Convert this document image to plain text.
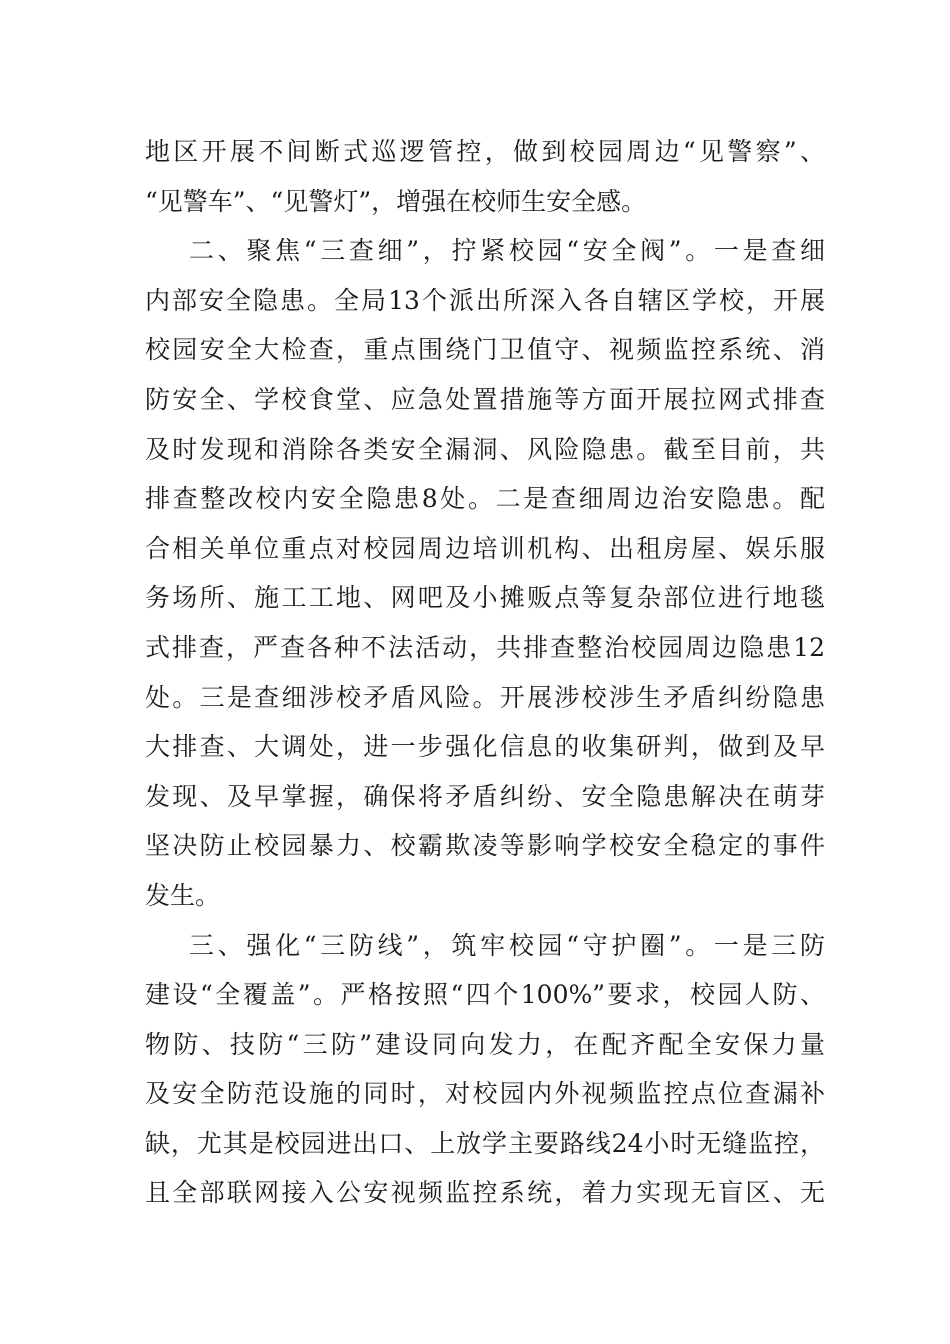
地区开展不间断式巡逻管控，做到校园周边“见警察”、
“见警车”、“见警灯”，增强在校师生安全感。
二、聚焦“三查细”，拧紧校园“安全阀”。一是查细
内部安全隐患。全局13个派出所深入各自辖区学校，开展
校园安全大检查，重点围绕门卫值守、视频监控系统、消
防安全、学校食堂、应急处置措施等方面开展拉网式排查
及时发现和消除各类安全漏洞、风险隐患。截至目前，共
排查整改校内安全隐患8处。二是查细周边治安隐患。配
合相关单位重点对校园周边培训机构、出租房屋、娱乐服
务场所、施工工地、网吧及小摊贩点等复杂部位进行地毯
式排查，严查各种不法活动，共排查整治校园周边隐患12
处。三是查细涉校矛盾风险。开展涉校涉生矛盾纠纷隐患
大排查、大调处，进一步强化信息的收集研判，做到及早
发现、及早掌握，确保将矛盾纠纷、安全隐患解决在萌芽
坚决防止校园暴力、校霸欺凌等影响学校安全稳定的事件
发生。
三、强化“三防线”，筑牢校园“守护圈”。一是三防
建设“全覆盖”。严格按照“四个100%”要求，校园人防、
物防、技防“三防”建设同向发力，在配齐配全安保力量
及安全防范设施的同时，对校园内外视频监控点位查漏补
缺，尤其是校园进出口、上放学主要路线24小时无缝监控，
且全部联网接入公安视频监控系统，着力实现无盲区、无
